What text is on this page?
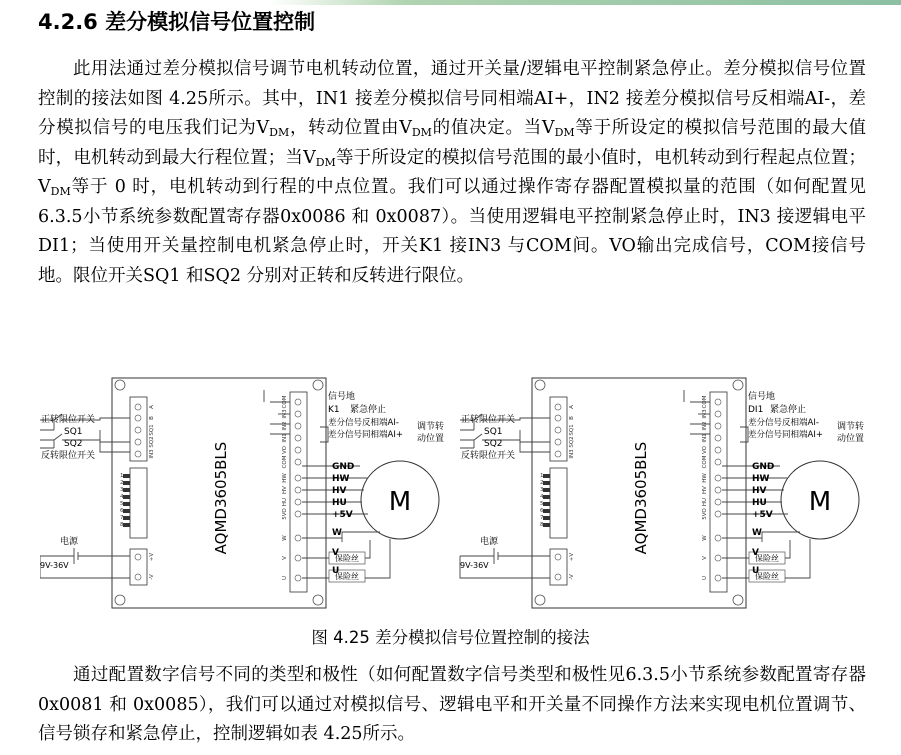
4.2.6 差分模拟信号位置控制

此用法通过差分模拟信号调节电机转动位置，通过开关量/逻辑电平控制紧急停止。差分模拟信号位置控制的接法如图 4.25所示。其中，IN1 接差分模拟信号同相端AI+，IN2 接差分模拟信号反相端AI-，差分模拟信号的电压我们记为$V_{DM}$，转动位置由$V_{DM}$的值决定。当$V_{DM}$等于所设定的模拟信号范围的最大值时，电机转动到最大行程位置；当$V_{DM}$等于所设定的模拟信号范围的最小值时，电机转动到行程起点位置；$V_{DM}$等于 0 时，电机转动到行程的中点位置。我们可以通过操作寄存器配置模拟量的范围（如何配置见6.3.5小节系统参数配置寄存器0x0086 和 0x0087）。当使用逻辑电平控制紧急停止时，IN3 接逻辑电平DI1；当使用开关量控制电机紧急停止时，开关K1 接IN3 与COM间。VO输出完成信号，COM接信号地。限位开关SQ1 和SQ2 分别对正转和反转进行限位。

正转限位开关
SQ1
SQ2
反转限位开关
电源
9V-36V
AQMD3605BLS
A
B
SQ1
SQ2
IN3
+V
-V
1
2
3
4
5
6
7
8
COM
IN3
IN2
IN1
VO
COM
HW
HV
HU
5VO
W
V
U
信号地
K1 紧急停止
差分信号反相端AI-
差分信号同相端AI+
调节转
动位置
GND
HW
HV
HU
+5V
W
V
U
保险丝
保险丝
M
正转限位开关
SQ1
SQ2
反转限位开关
电源
9V-36V
AQMD3605BLS
A
B
SQ1
SQ2
IN3
+V
-V
1
2
3
4
5
6
7
8
COM
IN3
IN2
IN1
VO
COM
HW
HV
HU
5VO
W
V
U
信号地
DI1 紧急停止
差分信号反相端AI-
差分信号同相端AI+
调节转
动位置
GND
HW
HV
HU
+5V
W
V
U
保险丝
保险丝
M
图 4.25 差分模拟信号位置控制的接法

通过配置数字信号不同的类型和极性（如何配置数字信号类型和极性见6.3.5小节系统参数配置寄存器0x0081 和 0x0085），我们可以通过对模拟信号、逻辑电平和开关量不同操作方法来实现电机位置调节、信号锁存和紧急停止，控制逻辑如表 4.25所示。
